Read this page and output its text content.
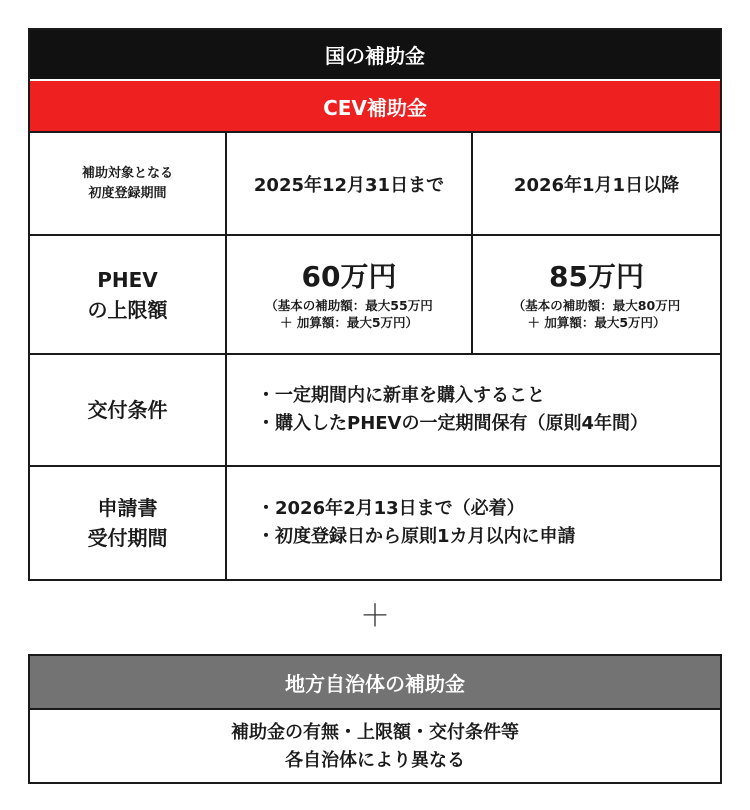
国の補助金
CEV補助金
補助対象となる
初度登録期間	2025年12月31日まで	2026年1月1日以降
PHEV
の上限額
60万円
（基本の補助額：最大55万円
＋ 加算額：最大5万円）
85万円
（基本の補助額：最大80万円
＋ 加算額：最大5万円）
交付条件
・一定期間内に新車を購入すること
・購入したPHEVの一定期間保有（原則4年間）
申請書
受付期間
・2026年2月13日まで（必着）
・初度登録日から原則1カ月以内に申請
＋
地方自治体の補助金
補助金の有無・上限額・交付条件等
各自治体により異なる
